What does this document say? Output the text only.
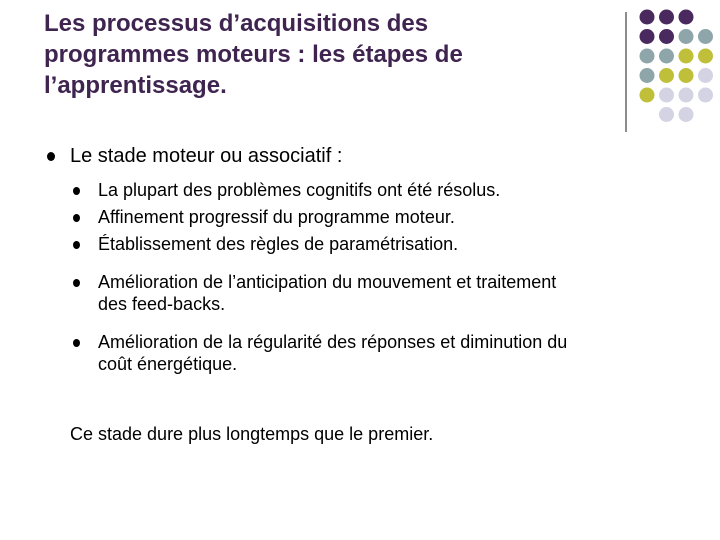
Les processus d’acquisitions des
programmes moteurs : les étapes de
l’apprentissage.
Le stade moteur ou associatif :
La plupart des problèmes cognitifs ont été résolus.
Affinement progressif du programme moteur.
Établissement des règles de paramétrisation.
Amélioration de l’anticipation du mouvement et traitement
des feed-backs.
Amélioration de la régularité des réponses et diminution du
coût énergétique.
Ce stade dure plus longtemps que le premier.
